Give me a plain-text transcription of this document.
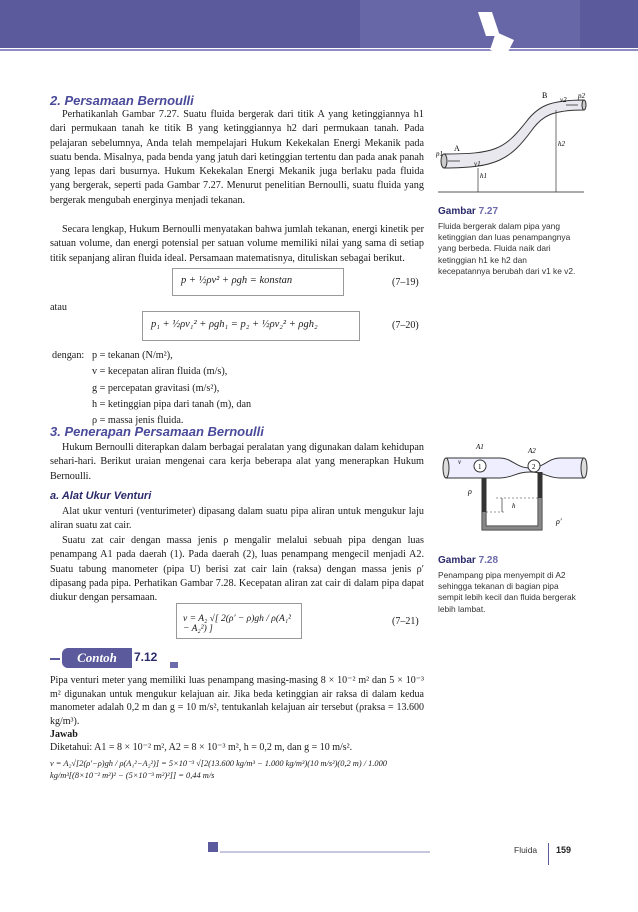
2. Persamaan Bernoulli
Perhatikanlah Gambar 7.27. Suatu fluida bergerak dari titik A yang ketinggiannya h1 dari permukaan tanah ke titik B yang ketinggiannya h2 dari permukaan tanah. Pada pelajaran sebelumnya, Anda telah mempelajari Hukum Kekekalan Energi Mekanik pada suatu benda. Misalnya, pada benda yang jatuh dari ketinggian tertentu dan pada anak panah yang lepas dari busurnya. Hukum Kekekalan Energi Mekanik juga berlaku pada fluida yang bergerak, seperti pada Gambar 7.27. Menurut penelitian Bernoulli, suatu fluida yang bergerak mengubah energinya menjadi tekanan.
Secara lengkap, Hukum Bernoulli menyatakan bahwa jumlah tekanan, energi kinetik per satuan volume, dan energi potensial per satuan volume memiliki nilai yang sama di setiap titik sepanjang aliran fluida ideal. Persamaan matematisnya, dituliskan sebagai berikut.
p + ½ρv² + ρgh = konstan	(7–19)
atau
p₁ + ½ρv₁² + ρgh₁ = p₂ + ½ρv₂² + ρgh₂	(7–20)
dengan:	p = tekanan (N/m²),
	v = kecepatan aliran fluida (m/s),
	g = percepatan gravitasi (m/s²),
	h = ketinggian pipa dari tanah (m), dan
	ρ = massa jenis fluida.
A
B
p1
p2
v1
v2
h1
h2
Gambar 7.27
Fluida bergerak dalam pipa yang ketinggian dan luas penampangnya yang berbeda. Fluida naik dari ketinggian h1 ke h2 dan kecepatannya berubah dari v1 ke v2.
3. Penerapan Persamaan Bernoulli
Hukum Bernoulli diterapkan dalam berbagai peralatan yang digunakan dalam kehidupan sehari-hari. Berikut uraian mengenai cara kerja beberapa alat yang menerapkan Hukum Bernoulli.
a. Alat Ukur Venturi
Alat ukur venturi (venturimeter) dipasang dalam suatu pipa aliran untuk mengukur laju aliran suatu zat cair.
Suatu zat cair dengan massa jenis ρ mengalir melalui sebuah pipa dengan luas penampang A1 pada daerah (1). Pada daerah (2), luas penampang mengecil menjadi A2. Suatu tabung manometer (pipa U) berisi zat cair lain (raksa) dengan massa jenis ρ′ dipasang pada pipa. Perhatikan Gambar 7.28. Kecepatan aliran zat cair di dalam pipa dapat diukur dengan persamaan.
v = A₂ √[ 2(ρ′ − ρ)gh / ρ(A₁² − A₂²) ]
(7–21)
A1	A2
1	2
v
ρ
h
ρ′
Gambar 7.28
Penampang pipa menyempit di A2 sehingga tekanan di bagian pipa sempit lebih kecil dan fluida bergerak lebih lambat.
Contoh	7.12
Pipa venturi meter yang memiliki luas penampang masing-masing 8 × 10⁻² m² dan 5 × 10⁻³ m² digunakan untuk mengukur kelajuan air. Jika beda ketinggian air raksa di dalam kedua manometer adalah 0,2 m dan g = 10 m/s², tentukanlah kelajuan air tersebut (ρraksa = 13.600 kg/m³).
Jawab
Diketahui: A1 = 8 × 10⁻² m², A2 = 8 × 10⁻³ m², h = 0,2 m, dan g = 10 m/s².
v = A₂√[2(ρ′−ρ)gh / ρ(A₁²−A₂²)] = 5×10⁻³ √[2(13.600 kg/m³ − 1.000 kg/m³)(10 m/s²)(0,2 m) / 1.000 kg/m³[(8×10⁻² m²)² − (5×10⁻³ m²)²]] = 0,44 m/s
Fluida 159
